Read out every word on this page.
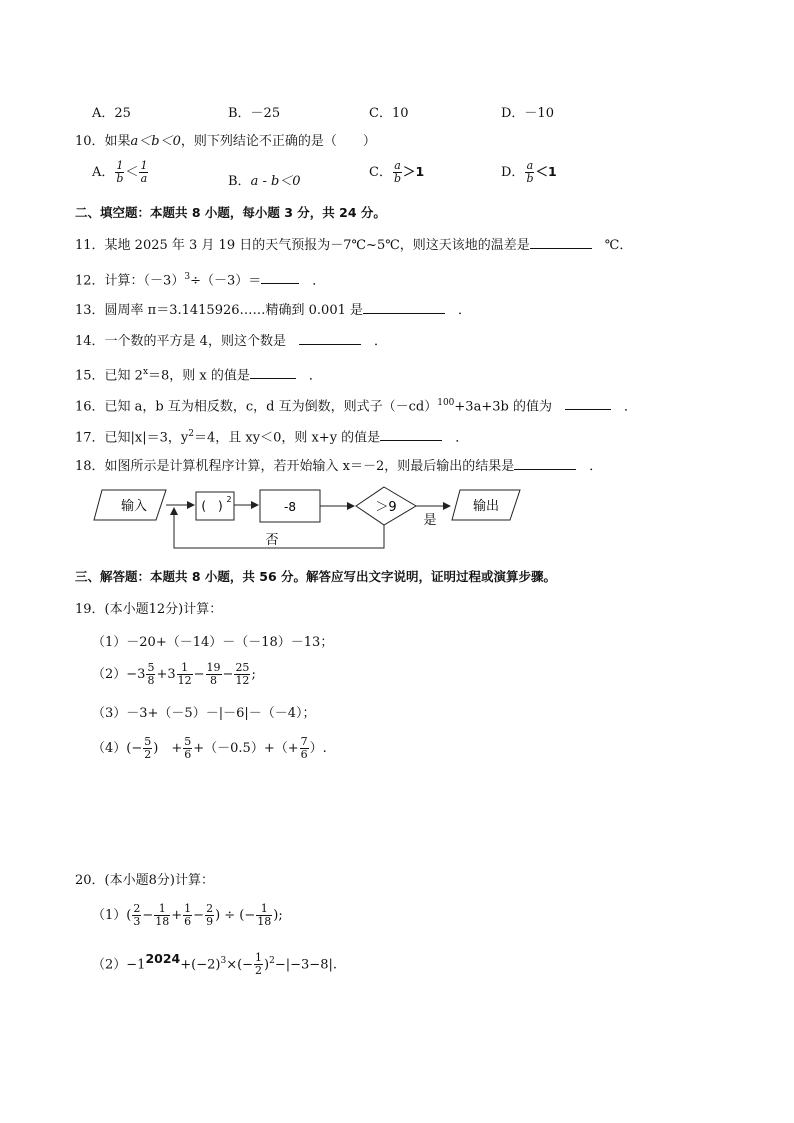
A．25	B．－25	C．10	D．－10
10．如果a＜b＜0，则下列结论不正确的是（　　）
A． $\frac{1}{b} < \frac{1}{a}$	B．a - b＜0
C． $\frac{a}{b} >1$	D． $\frac{a}{b} <1$
二、填空题：本题共 8 小题，每小题 3 分，共 24 分。
11．某地 2025 年 3 月 19 日的天气预报为－7℃~5℃，则这天该地的温差是　	℃．
12．计算：$(-3)^3\div(-3)=$　	．
13．圆周率 π＝3.1415926……精确到 0.001 是　	．
14．一个数的平方是 4，则这个数是　　	．
15．已知 $2^x=8$，则 x 的值是　	．
16．已知 a，b 互为相反数，c，d 互为倒数，则式子$(-cd)^{100}+3a+3b$ 的值为　　	．
17．已知|x|＝3，$y^2=4$，且 xy＜0，则 x+y 的值是　	．
18．如图所示是计算机程序计算，若开始输入 x＝－2，则最后输出的结果是　	．
输入	(　) 2
-8	＞9
是
输出
否
三、解答题：本题共 8 小题，共 56 分。解答应写出文字说明，证明过程或演算步骤。
19．(本小题12分)计算：
（1）－20+（－14）－（－18）－13；
$(2)-3 \frac{5}{8} +3 \frac{1}{12} - \frac{19}{8} - \frac{25}{12}$ ;
（3）－3+（－5）－|－6|－（－4）；
$(4)(- \frac{5}{2}$ )　+ $\frac{5}{6} +(-0.5)+(+ \frac{7}{6}$ ）.
20．(本小题8分)计算：
$(1)( \frac{2}{3} - \frac{1}{18} + \frac{1}{6} - \frac{2}{9}$ ) ÷ (− $\frac{1}{18}$ );
$(2)-1^{2024}+(-2)^3\times(- \frac{1}{2} )^2-|-3-8|$.
